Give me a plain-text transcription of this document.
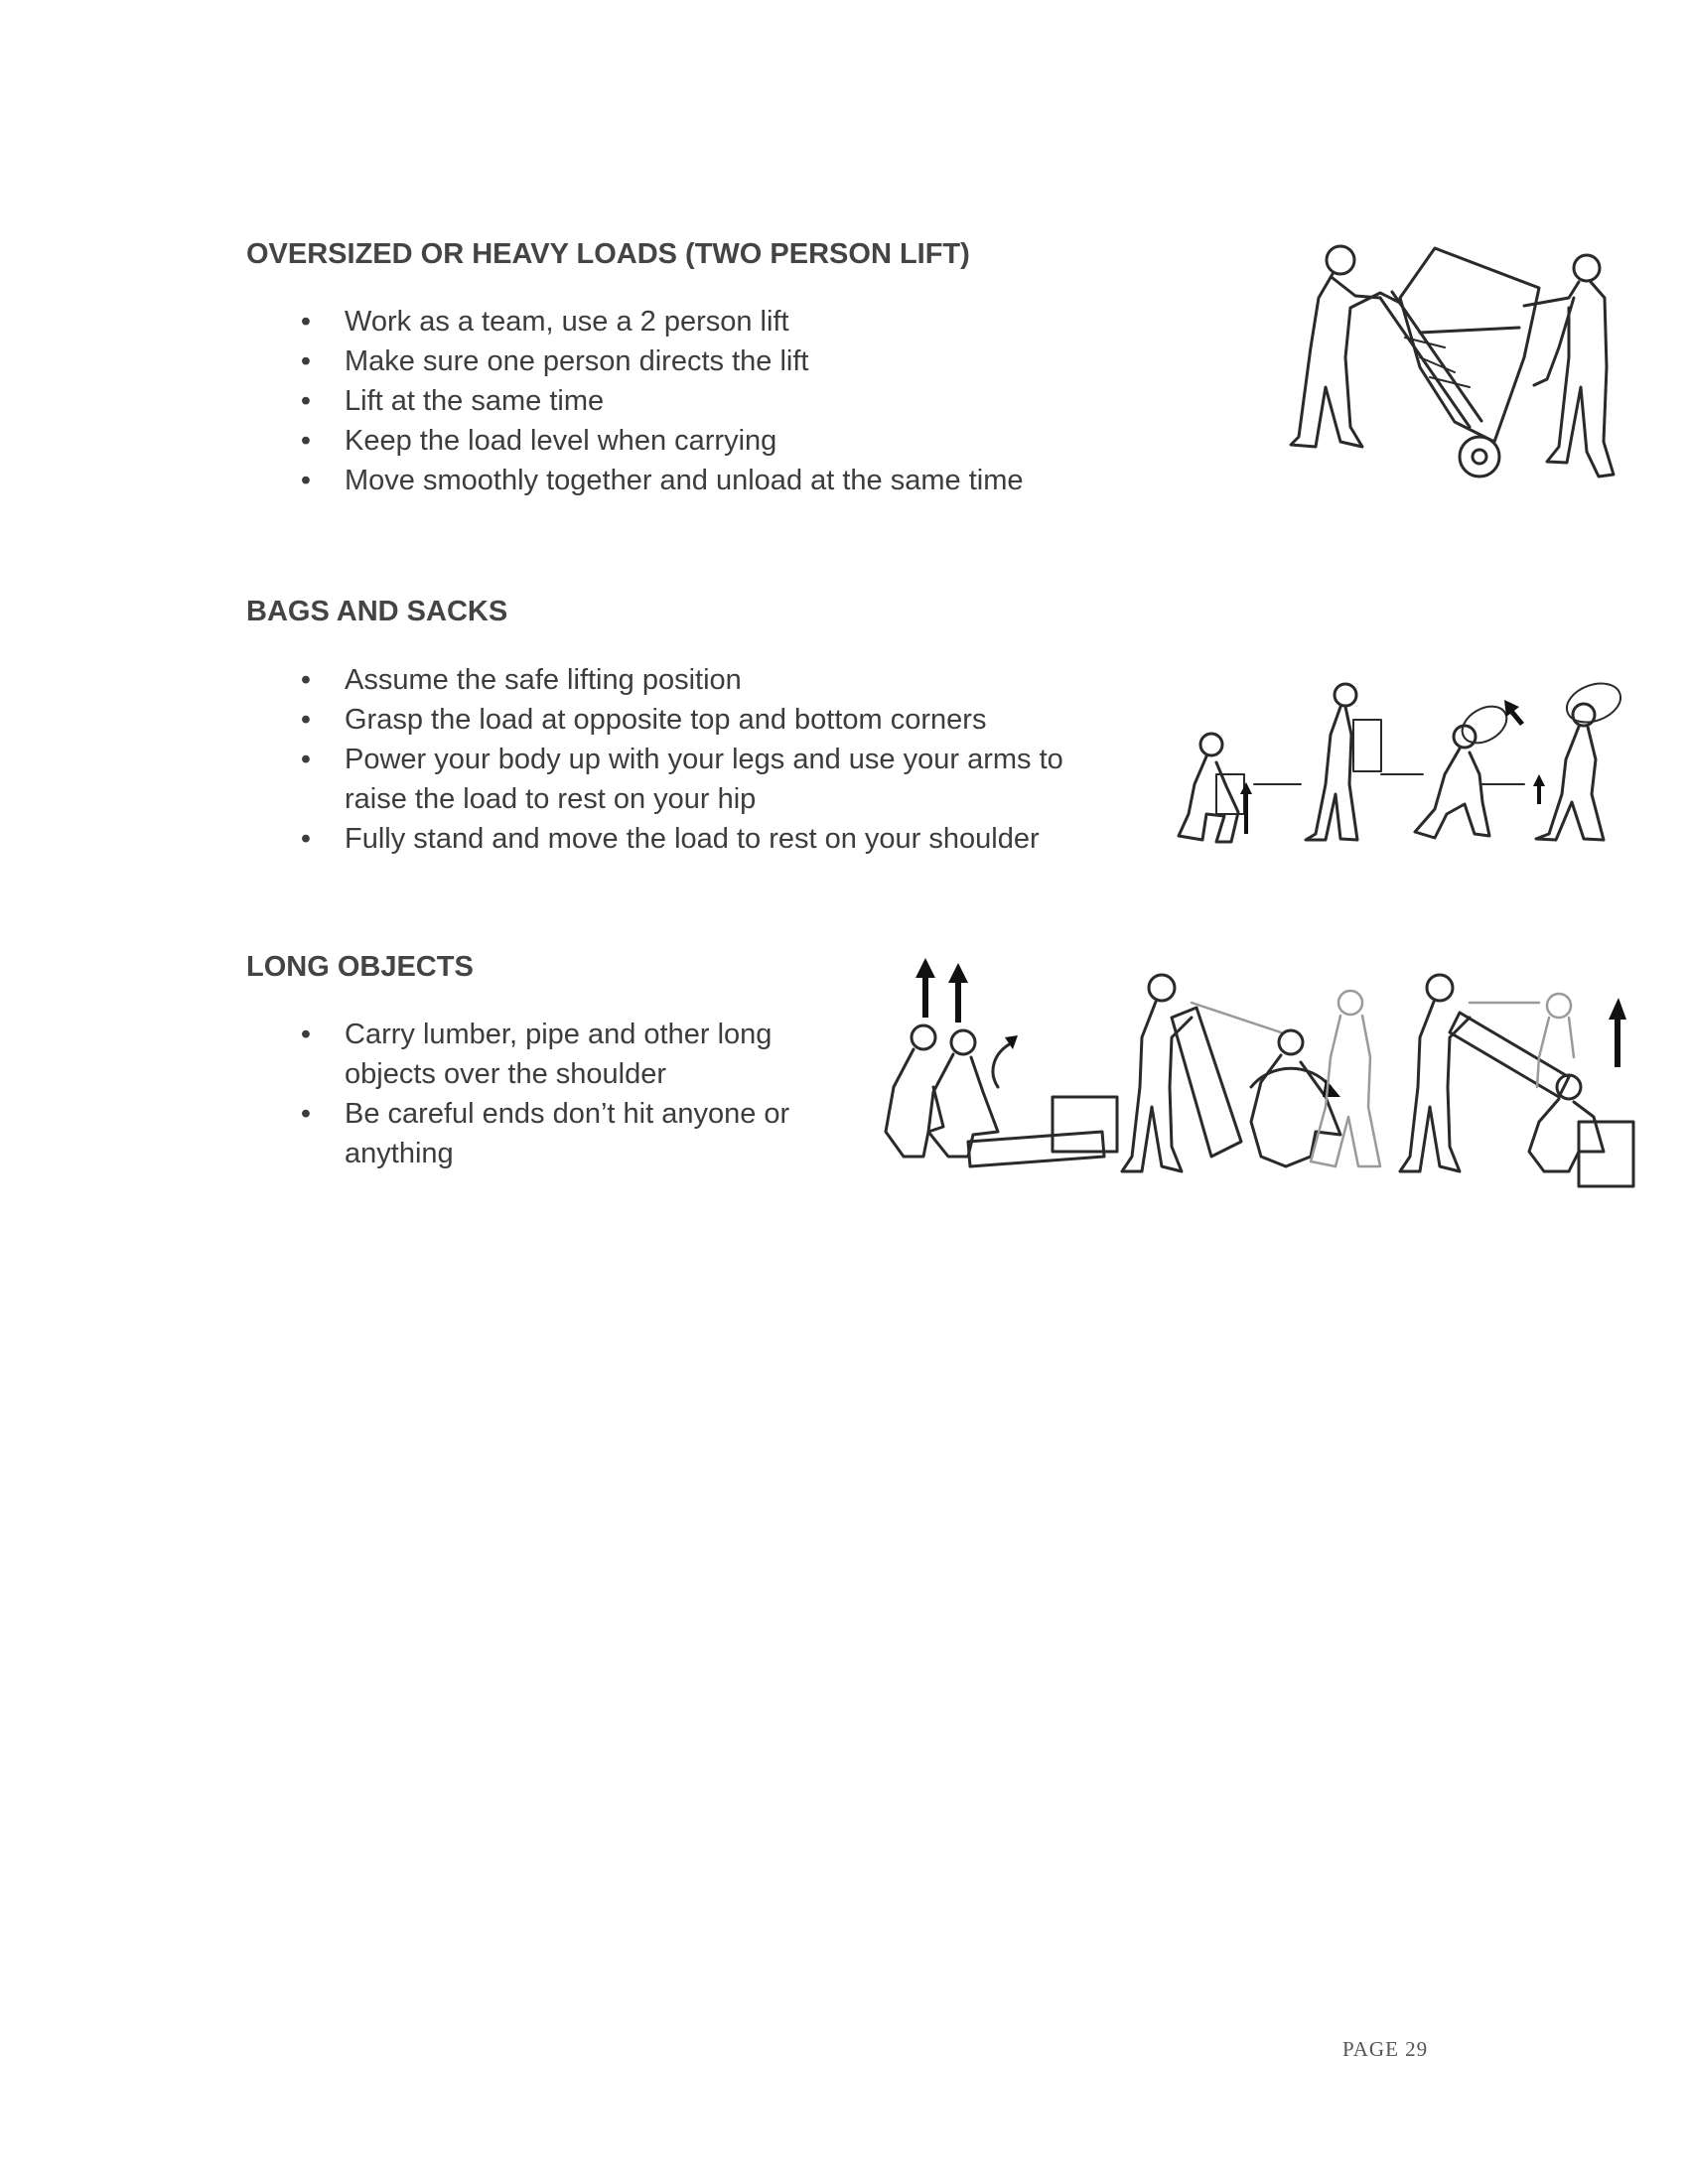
OVERSIZED OR HEAVY LOADS (TWO PERSON LIFT)
• Work as a team, use a 2 person lift
• Make sure one person directs the lift
• Lift at the same time
• Keep the load level when carrying
• Move smoothly together and unload at the same time
BAGS AND SACKS
• Assume the safe lifting position
• Grasp the load at opposite top and bottom corners
• Power your body up with your legs and use your arms to raise the load to rest on your hip
• Fully stand and move the load to rest on your shoulder
LONG OBJECTS
• Carry lumber, pipe and other long objects over the shoulder
• Be careful ends don’t hit anyone or anything
PAGE 29
